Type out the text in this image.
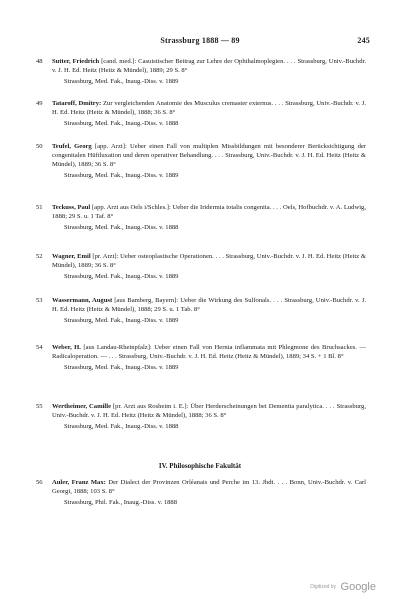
Strassburg 1888 — 89	245
48	Sutter, Friedrich [cand. med.]: Casuistischer Beitrag zur Lehre der Ophthalmoplegien. . . . Strassburg, Univ.-Buchdr. v. J. H. Ed. Heitz (Heitz & Mündel), 1889; 29 S. 8°
Strassburg, Med. Fak., Inaug.-Diss. v. 1889
49	Tataroff, Dmitry: Zur vergleichenden Anatomie des Musculus cremaster externus. . . . Strassburg, Univ.-Buchdr. v. J. H. Ed. Heitz (Heitz & Mündel), 1888; 36 S. 8°
Strassburg, Med. Fak., Inaug.-Diss. v. 1888
50	Teufel, Georg [app. Arzt]: Ueber einen Fall von multiplen Missbildungen mit besonderer Berücksichtigung der congenitalen Hüftluxation und deren operativer Behandlung. . . . Strassburg, Univ.-Buchdr. v. J. H. Ed. Heitz (Heitz & Mündel), 1889; 36 S. 8°
Strassburg, Med. Fak., Inaug.-Diss. v. 1889
51	Teckuss, Paul [app. Arzt aus Oels i/Schles.]: Ueber die Iridermia totalis congenita. . . . Oels, Hofbuchdr. v. A. Ludwig, 1888; 29 S. u. 1 Taf. 8°
Strassburg, Med. Fak., Inaug.-Diss. v. 1888
52	Wagner, Emil [pr. Arzt]: Ueber osteoplastische Operationen. . . . Strassburg, Univ.-Buchdr. v. J. H. Ed. Heitz (Heitz & Mündel), 1889; 36 S. 8°
Strassburg, Med. Fak., Inaug.-Diss. v. 1889
53	Wassermann, August [aus Bamberg, Bayern]: Ueber die Wirkung des Sulfonals. . . . Strassburg, Univ.-Buchdr. v. J. H. Ed. Heitz (Heitz & Mündel), 1888; 29 S. u. 1 Tab. 8°
Strassburg, Med. Fak., Inaug.-Diss. v. 1889
54	Weber, H. [aus Landau-Rheinpfalz]: Ueber einen Fall von Hernia inflammata mit Phlegmone des Bruchsackes. — Radicaloperation. — . . . Strassburg, Univ.-Buchdr. v. J. H. Ed. Heitz (Heitz & Mündel), 1889; 34 S. + 1 Bl. 8°
Strassburg, Med. Fak., Inaug.-Diss. v. 1889
55	Wertheimer, Camille [pr. Arzt aus Rosheim i. E.]: Über Herderscheinungen bei Dementia paralytica. . . . Strassburg, Univ.-Buchdr. v. J. H. Ed. Heitz (Heitz & Mündel), 1888; 36 S. 8°
Strassburg, Med. Fak., Inaug.-Diss. v. 1888
IV. Philosophische Fakultät
56	Auler, Franz Max: Der Dialect der Provinzen Orléanais und Perche im 13. Jhdt. . . . Bonn, Univ.-Buchdr. v. Carl Georgi, 1888; 103 S. 8°
Strassburg, Phil. Fak., Inaug.-Diss. v. 1888
Digitized by Google
